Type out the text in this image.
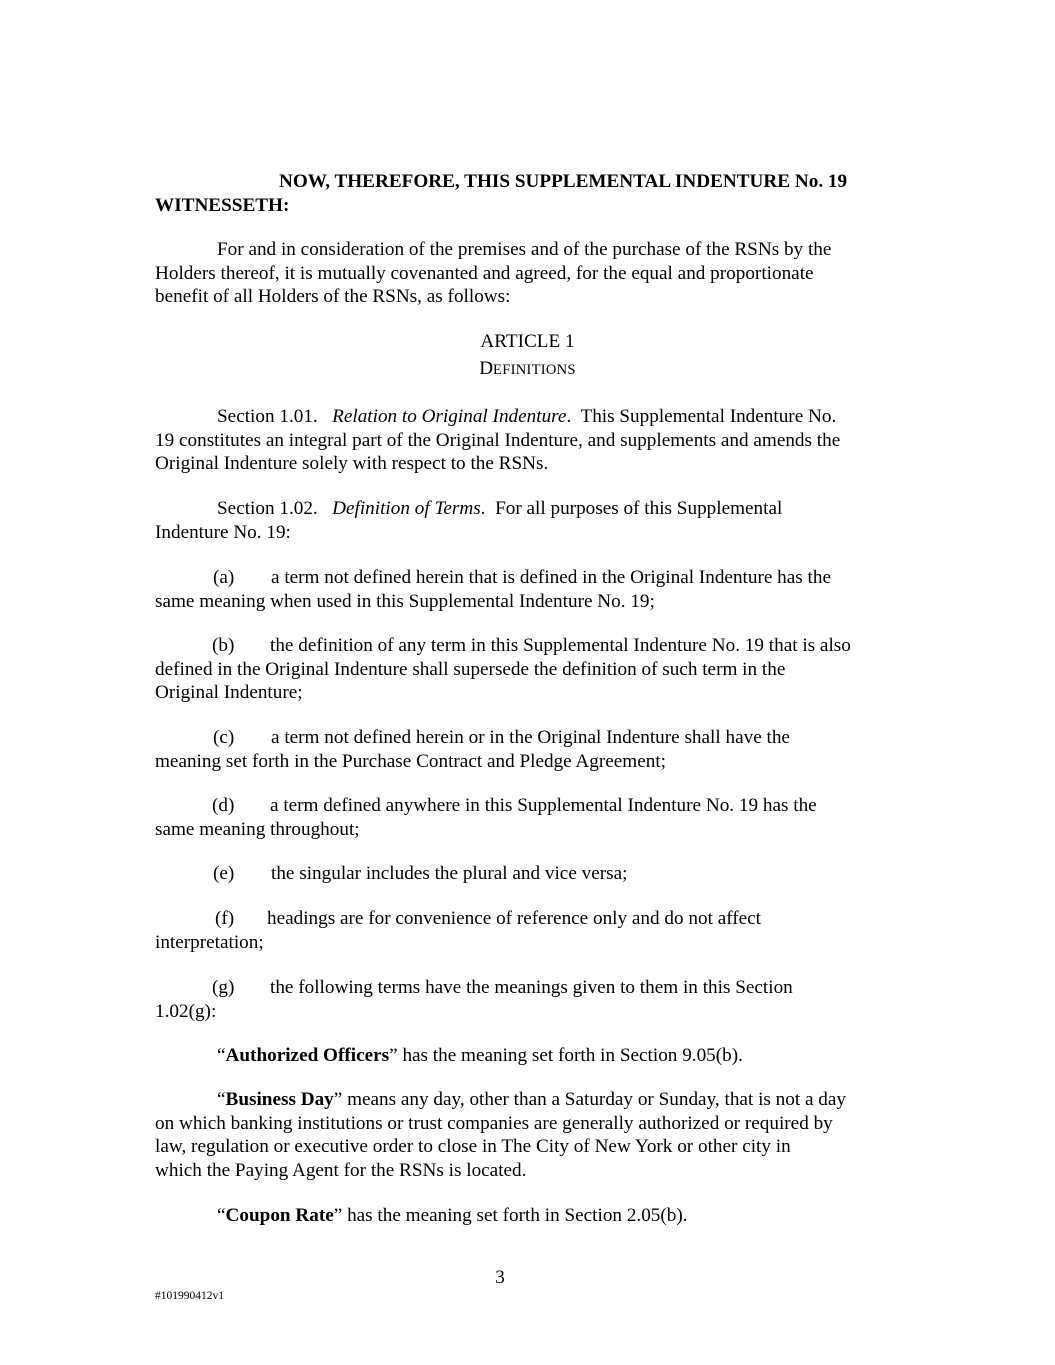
NOW, THEREFORE, THIS SUPPLEMENTAL INDENTURE No. 19
WITNESSETH:
For and in consideration of the premises and of the purchase of the RSNs by the
Holders thereof, it is mutually covenanted and agreed, for the equal and proportionate
benefit of all Holders of the RSNs, as follows:
ARTICLE 1
DEFINITIONS
Section 1.01. Relation to Original Indenture.  This Supplemental Indenture No.
19 constitutes an integral part of the Original Indenture, and supplements and amends the
Original Indenture solely with respect to the RSNs.
Section 1.02. Definition of Terms.  For all purposes of this Supplemental
Indenture No. 19:
(a) a term not defined herein that is defined in the Original Indenture has the
same meaning when used in this Supplemental Indenture No. 19;
(b) the definition of any term in this Supplemental Indenture No. 19 that is also
defined in the Original Indenture shall supersede the definition of such term in the
Original Indenture;
(c) a term not defined herein or in the Original Indenture shall have the
meaning set forth in the Purchase Contract and Pledge Agreement;
(d) a term defined anywhere in this Supplemental Indenture No. 19 has the
same meaning throughout;
(e) the singular includes the plural and vice versa;
(f) headings are for convenience of reference only and do not affect
interpretation;
(g) the following terms have the meanings given to them in this Section
1.02(g):
“Authorized Officers” has the meaning set forth in Section 9.05(b).
“Business Day” means any day, other than a Saturday or Sunday, that is not a day
on which banking institutions or trust companies are generally authorized or required by
law, regulation or executive order to close in The City of New York or other city in
which the Paying Agent for the RSNs is located.
“Coupon Rate” has the meaning set forth in Section 2.05(b).
3
#101990412v1
